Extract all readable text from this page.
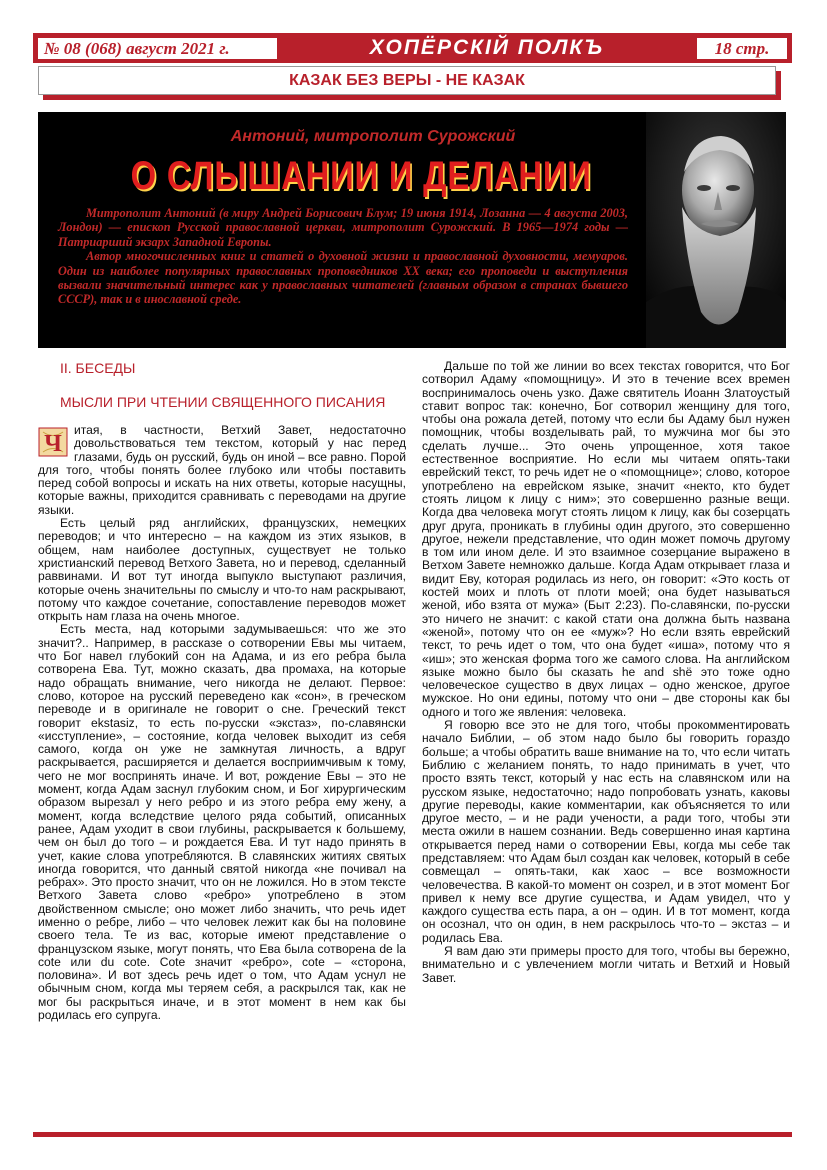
№ 08 (068) август 2021 г.	ХОПЁРСКIЙ ПОЛКЪ	18 стр.
КАЗАК БЕЗ ВЕРЫ - НЕ КАЗАК
Антоний, митрополит Сурожский
О СЛЫШАНИИ И ДЕЛАНИИ

Митрополит Антоний (в миру Андрей Борисович Блум; 19 июня 1914, Лозанна — 4 августа 2003, Лондон) — епископ Русской православной церкви, митрополит Сурожский. В 1965—1974 годы — Патриарший экзарх Западной Европы.

Автор многочисленных книг и статей о духовной жизни и православной духовности, мемуаров. Один из наиболее популярных православных проповедников XX века; его проповеди и выступления вызвали значительный интерес как у православных читателей (главным образом в странах бывшего СССР), так и в инославной среде.

II. БЕСЕДЫ
МЫСЛИ ПРИ ЧТЕНИИ СВЯЩЕННОГО ПИСАНИЯ

Ч
итая, в частности, Ветхий Завет, недостаточно довольствоваться тем текстом, который у нас перед глазами, будь он русский, будь он иной – все равно. Порой для того, чтобы понять более глубоко или чтобы поставить перед собой вопросы и искать на них ответы, которые насущны, которые важны, приходится сравнивать с переводами на другие языки.

Есть целый ряд английских, французских, немецких переводов; и что интересно – на каждом из этих языков, в общем, нам наиболее доступных, существует не только христианский перевод Ветхого Завета, но и перевод, сделанный раввинами. И вот тут иногда выпукло выступают различия, которые очень значительны по смыслу и что-то нам раскрывают, потому что каждое сочетание, сопоставление переводов может открыть нам глаза на очень многое.

Есть места, над которыми задумываешься: что же это значит?.. Например, в рассказе о сотворении Евы мы читаем, что Бог навел глубокий сон на Адама, и из его ребра была сотворена Ева. Тут, можно сказать, два промаха, на которые надо обращать внимание, чего никогда не делают. Первое: слово, которое на русский переведено как «сон», в греческом переводе и в оригинале не говорит о сне. Греческий текст говорит ekstasiz, то есть по-русски «экстаз», по-славянски «исступление», – состояние, когда человек выходит из себя самого, когда он уже не замкнутая личность, а вдруг раскрывается, расширяется и делается восприимчивым к тому, чего не мог воспринять иначе. И вот, рождение Евы – это не момент, когда Адам заснул глубоким сном, и Бог хирургическим образом вырезал у него ребро и из этого ребра ему жену, а момент, когда вследствие целого ряда событий, описанных ранее, Адам уходит в свои глубины, раскрывается к большему, чем он был до того – и рождается Ева. И тут надо принять в учет, какие слова употребляются. В славянских житиях святых иногда говорится, что данный святой никогда «не почивал на ребрах». Это просто значит, что он не ложился. Но в этом тексте Ветхого Завета слово «ребро» употреблено в этом двойственном смысле; оно может либо значить, что речь идет именно о ребре, либо – что человек лежит как бы на половине своего тела. Те из вас, которые имеют представление о французском языке, могут понять, что Ева была сотворена de la cote или du cote. Cote значит «ребро», cote – «сторона, половина». И вот здесь речь идет о том, что Адам уснул не обычным сном, когда мы теряем себя, а раскрылся так, как не мог бы раскрыться иначе, и в этот момент в нем как бы родилась его супруга.

Дальше по той же линии во всех текстах говорится, что Бог сотворил Адаму «помощницу». И это в течение всех времен воспринималось очень узко. Даже святитель Иоанн Златоустый ставит вопрос так: конечно, Бог сотворил женщину для того, чтобы она рожала детей, потому что если бы Адаму был нужен помощник, чтобы возделывать рай, то мужчина мог бы это сделать лучше... Это очень упрощенное, хотя такое естественное восприятие. Но если мы читаем опять-таки еврейский текст, то речь идет не о «помощнице»; слово, которое употреблено на еврейском языке, значит «некто, кто будет стоять лицом к лицу с ним»; это совершенно разные вещи. Когда два человека могут стоять лицом к лицу, как бы созерцать друг друга, проникать в глубины один другого, это совершенно другое, нежели представление, что один может помочь другому в том или ином деле. И это взаимное созерцание выражено в Ветхом Завете немножко дальше. Когда Адам открывает глаза и видит Еву, которая родилась из него, он говорит: «Это кость от костей моих и плоть от плоти моей; она будет называться женой, ибо взята от мужа» (Быт 2:23). По-славянски, по-русски это ничего не значит: с какой стати она должна быть названа «женой», потому что он ее «муж»? Но если взять еврейский текст, то речь идет о том, что она будет «иша», потому что я «иш»; это женская форма того же самого слова. На английском языке можно было бы сказать he and shё это тоже одно человеческое существо в двух лицах – одно женское, другое мужское. Но они едины, потому что они – две стороны как бы одного и того же явления: человека.

Я говорю все это не для того, чтобы прокомментировать начало Библии, – об этом надо было бы говорить гораздо больше; а чтобы обратить ваше внимание на то, что если читать Библию с желанием понять, то надо принимать в учет, что просто взять текст, который у нас есть на славянском или на русском языке, недостаточно; надо попробовать узнать, каковы другие переводы, какие комментарии, как объясняется то или другое место, – и не ради учености, а ради того, чтобы эти места ожили в нашем сознании. Ведь совершенно иная картина открывается перед нами о сотворении Евы, когда мы себе так представляем: что Адам был создан как человек, который в себе совмещал – опять-таки, как хаос – все возможности человечества. В какой-то момент он созрел, и в этот момент Бог привел к нему все другие существа, и Адам увидел, что у каждого существа есть пара, а он – один. И в тот момент, когда он осознал, что он один, в нем раскрылось что-то – экстаз – и родилась Ева.

Я вам даю эти примеры просто для того, чтобы вы бережно, внимательно и с увлечением могли читать и Ветхий и Новый Завет.
